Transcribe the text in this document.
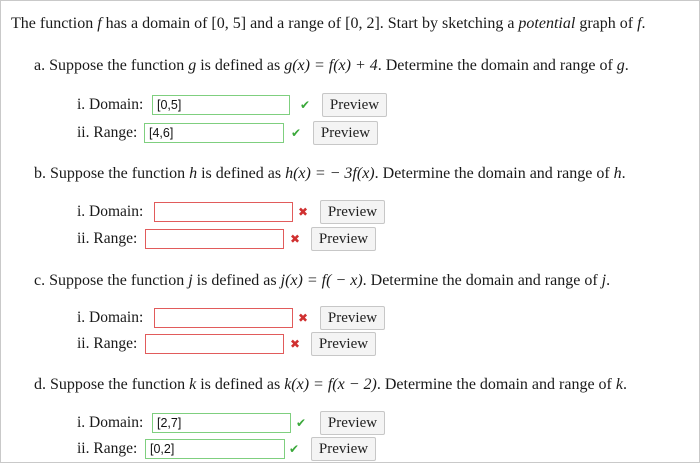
The function f has a domain of [0, 5] and a range of [0, 2]. Start by sketching a potential graph of f.
a. Suppose the function g is defined as g(x) = f(x) + 4. Determine the domain and range of g.
i. Domain:	[0,5]	✔	Preview
ii. Range: [4,6]	✔	Preview
b. Suppose the function h is defined as h(x) = − 3f(x). Determine the domain and range of h.
i. Domain:	✖	Preview
ii. Range:	✖	Preview
c. Suppose the function j is defined as j(x) = f( − x). Determine the domain and range of j.
i. Domain:	✖	Preview
ii. Range:	✖	Preview
d. Suppose the function k is defined as k(x) = f(x − 2). Determine the domain and range of k.
i. Domain:	[2,7]	✔	Preview
ii. Range:	[0,2]	✔	Preview
